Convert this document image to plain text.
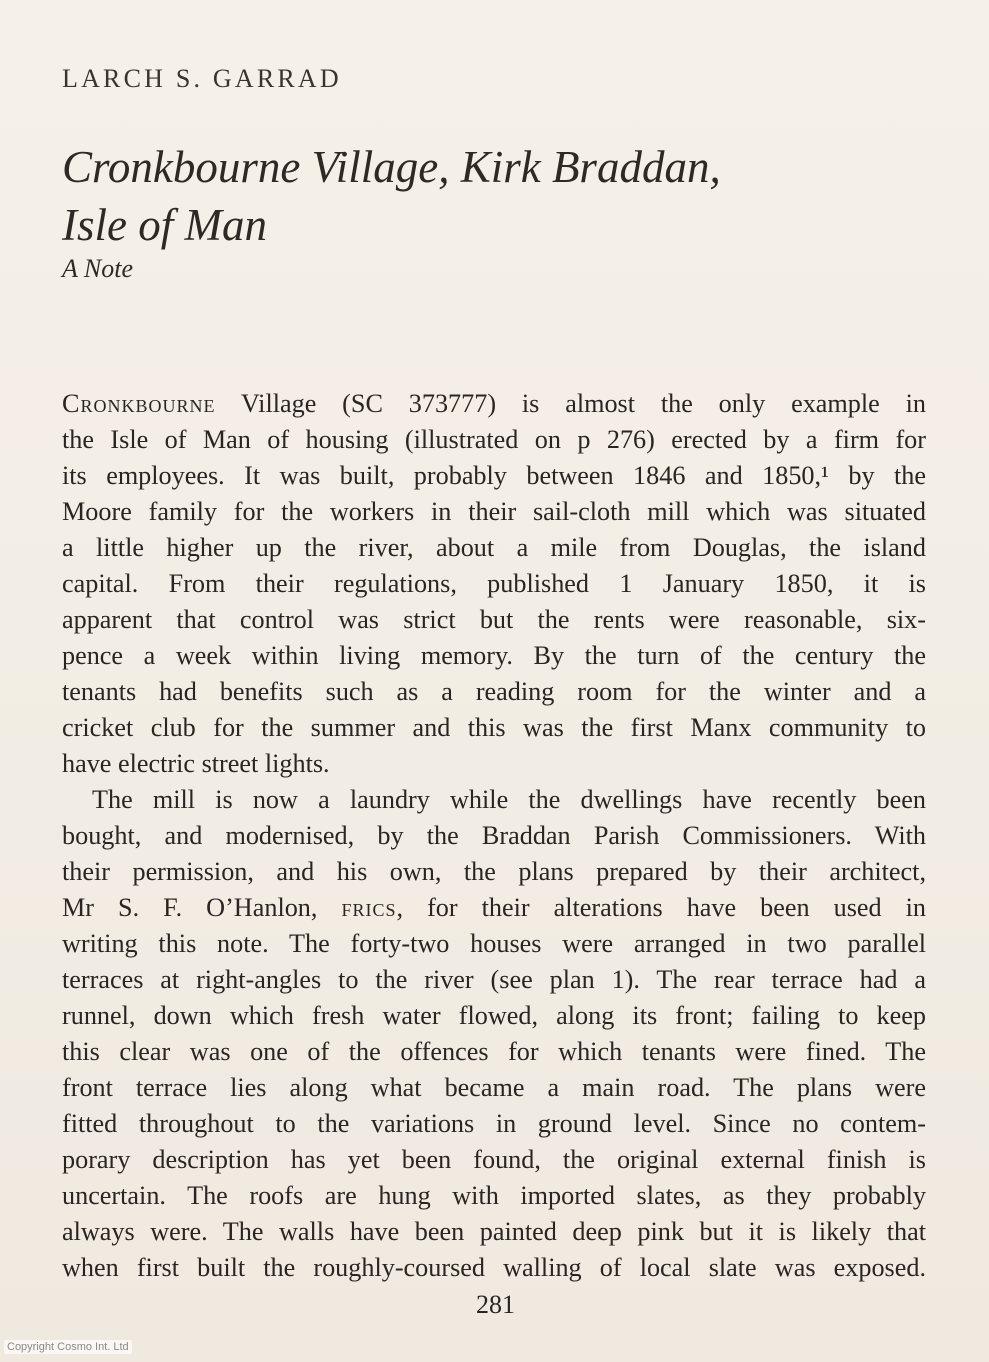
LARCH S. GARRAD
Cronkbourne Village, Kirk Braddan,
Isle of Man
A Note
Cronkbourne Village (SC 373777) is almost the only example in
the Isle of Man of housing (illustrated on p 276) erected by a firm for
its employees. It was built, probably between 1846 and 1850,¹ by the
Moore family for the workers in their sail-cloth mill which was situated
a little higher up the river, about a mile from Douglas, the island
capital. From their regulations, published 1 January 1850, it is
apparent that control was strict but the rents were reasonable, six-
pence a week within living memory. By the turn of the century the
tenants had benefits such as a reading room for the winter and a
cricket club for the summer and this was the first Manx community to
have electric street lights.
The mill is now a laundry while the dwellings have recently been
bought, and modernised, by the Braddan Parish Commissioners. With
their permission, and his own, the plans prepared by their architect,
Mr S. F. O’Hanlon, frics, for their alterations have been used in
writing this note. The forty-two houses were arranged in two parallel
terraces at right-angles to the river (see plan 1). The rear terrace had a
runnel, down which fresh water flowed, along its front; failing to keep
this clear was one of the offences for which tenants were fined. The
front terrace lies along what became a main road. The plans were
fitted throughout to the variations in ground level. Since no contem-
porary description has yet been found, the original external finish is
uncertain. The roofs are hung with imported slates, as they probably
always were. The walls have been painted deep pink but it is likely that
when first built the roughly-coursed walling of local slate was exposed.
281
Copyright Cosmo Int. Ltd
